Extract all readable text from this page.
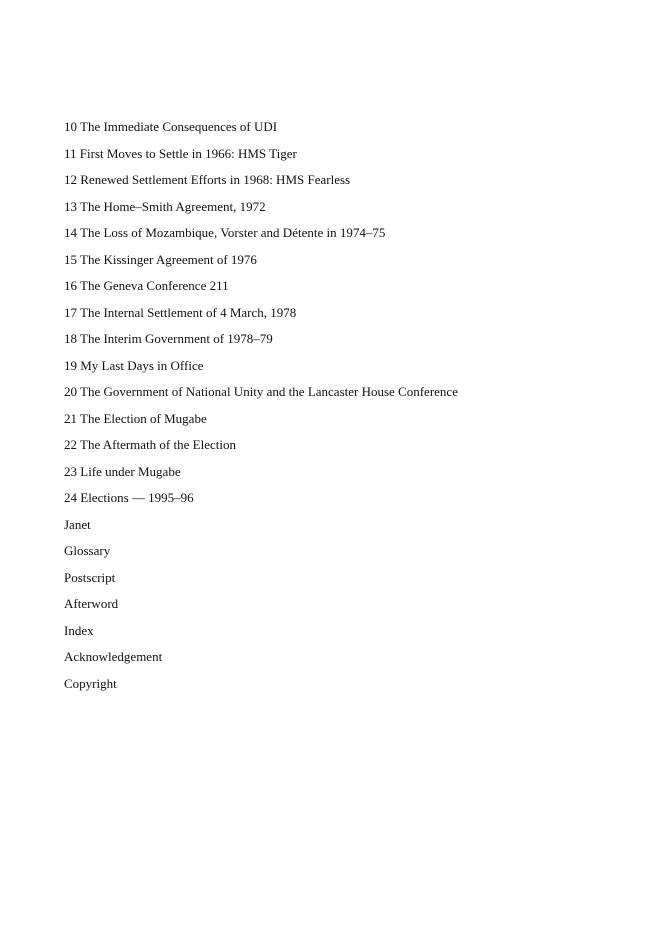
10 The Immediate Consequences of UDI
11 First Moves to Settle in 1966: HMS Tiger
12 Renewed Settlement Efforts in 1968: HMS Fearless
13 The Home–Smith Agreement, 1972
14 The Loss of Mozambique, Vorster and Détente in 1974–75
15 The Kissinger Agreement of 1976
16 The Geneva Conference 211
17 The Internal Settlement of 4 March, 1978
18 The Interim Government of 1978–79
19 My Last Days in Office
20 The Government of National Unity and the Lancaster House Conference
21 The Election of Mugabe
22 The Aftermath of the Election
23 Life under Mugabe
24 Elections — 1995–96
Janet
Glossary
Postscript
Afterword
Index
Acknowledgement
Copyright
